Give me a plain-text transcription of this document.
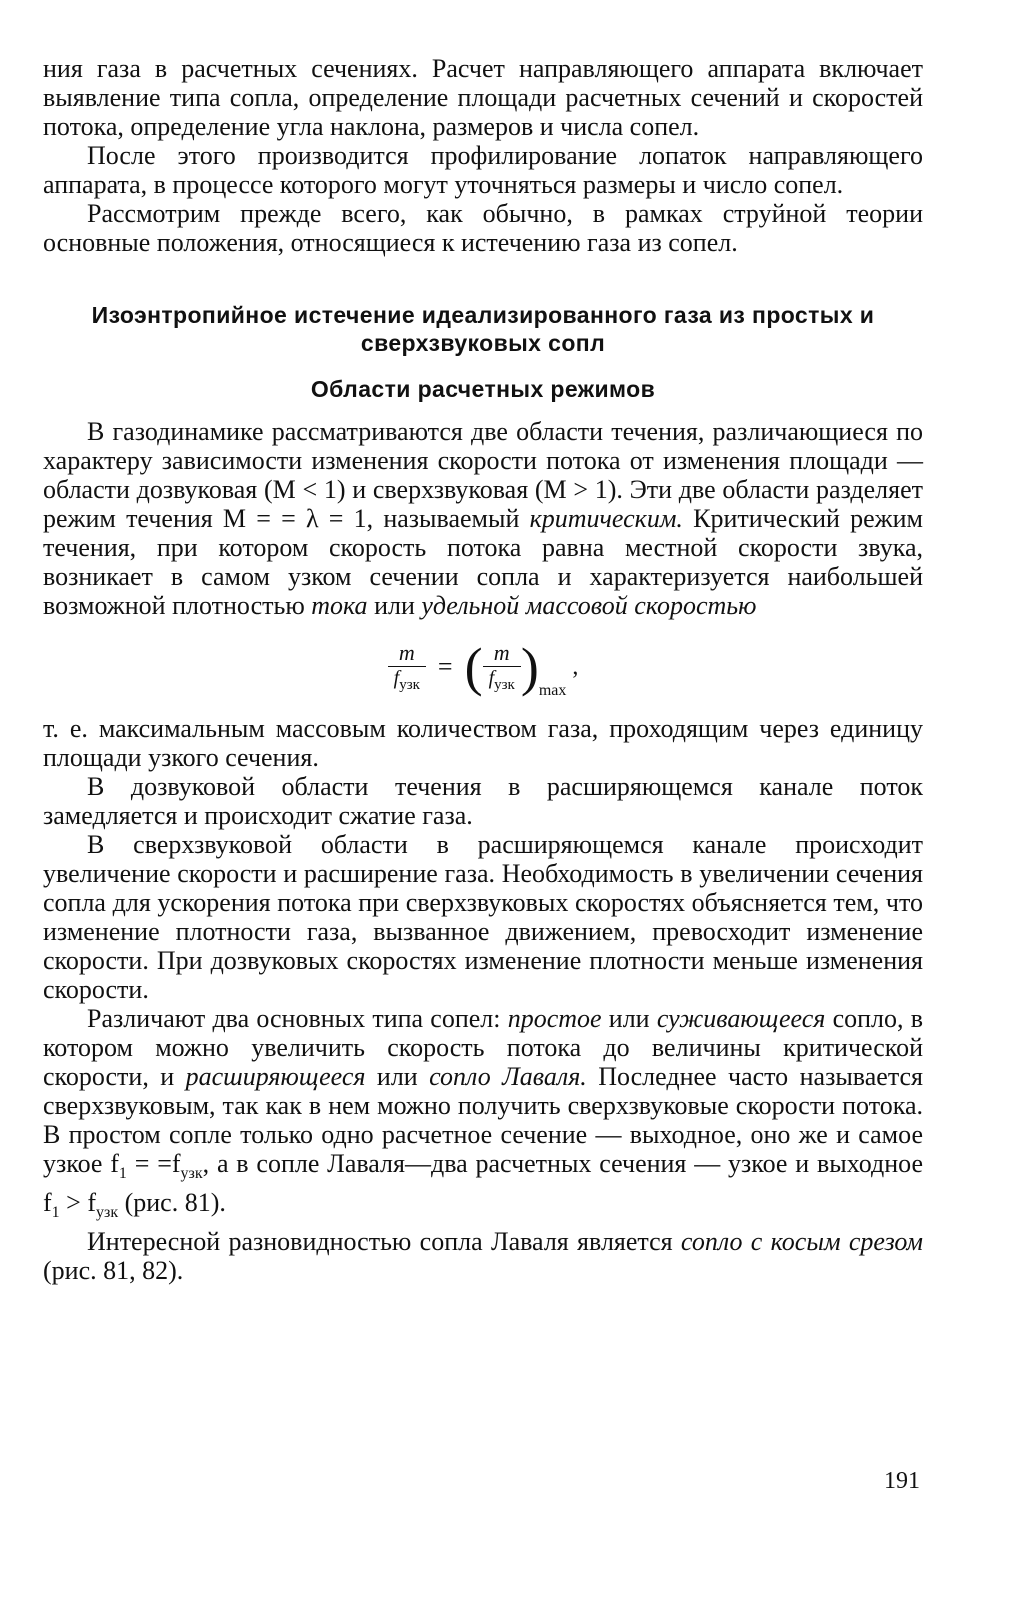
ния газа в расчетных сечениях. Расчет направляющего аппарата включает выявление типа сопла, определение площади расчетных сечений и скоростей потока, определение угла наклона, размеров и числа сопел.

После этого производится профилирование лопаток направляющего аппарата, в процессе которого могут уточняться размеры и число сопел.

Рассмотрим прежде всего, как обычно, в рамках струйной теории основные положения, относящиеся к истечению газа из сопел.

Изоэнтропийное истечение идеализированного газа из простых и сверхзвуковых сопл
Области расчетных режимов

В газодинамике рассматриваются две области течения, различающиеся по характеру зависимости изменения скорости потока от изменения площади — области дозвуковая (M < 1) и сверхзвуковая (M > 1). Эти две области разделяет режим течения M = = λ = 1, называемый критическим. Критический режим течения, при котором скорость потока равна местной скорости звука, возникает в самом узком сечении сопла и характеризуется наибольшей возможной плотностью тока или удельной массовой скоростью

$\frac{m}{f_{узк}}$ = ( $\frac{m}{f_{узк}}$ ) max
,

т. е. максимальным массовым количеством газа, проходящим через единицу площади узкого сечения.

В дозвуковой области течения в расширяющемся канале поток замедляется и происходит сжатие газа.

В сверхзвуковой области в расширяющемся канале происходит увеличение скорости и расширение газа. Необходимость в увеличении сечения сопла для ускорения потока при сверхзвуковых скоростях объясняется тем, что изменение плотности газа, вызванное движением, превосходит изменение скорости. При дозвуковых скоростях изменение плотности меньше изменения скорости.

Различают два основных типа сопел: простое или суживающееся сопло, в котором можно увеличить скорость потока до величины критической скорости, и расширяющееся или сопло Лаваля. Последнее часто называется сверхзвуковым, так как в нем можно получить сверхзвуковые скорости потока. В простом сопле только одно расчетное сечение — выходное, оно же и самое узкое $f_1 = =f_{узк}$, а в сопле Лаваля—два расчетных сечения — узкое и выходное $f_1 > f_{узк}$ (рис. 81).

Интересной разновидностью сопла Лаваля является сопло с косым срезом (рис. 81, 82).

191
